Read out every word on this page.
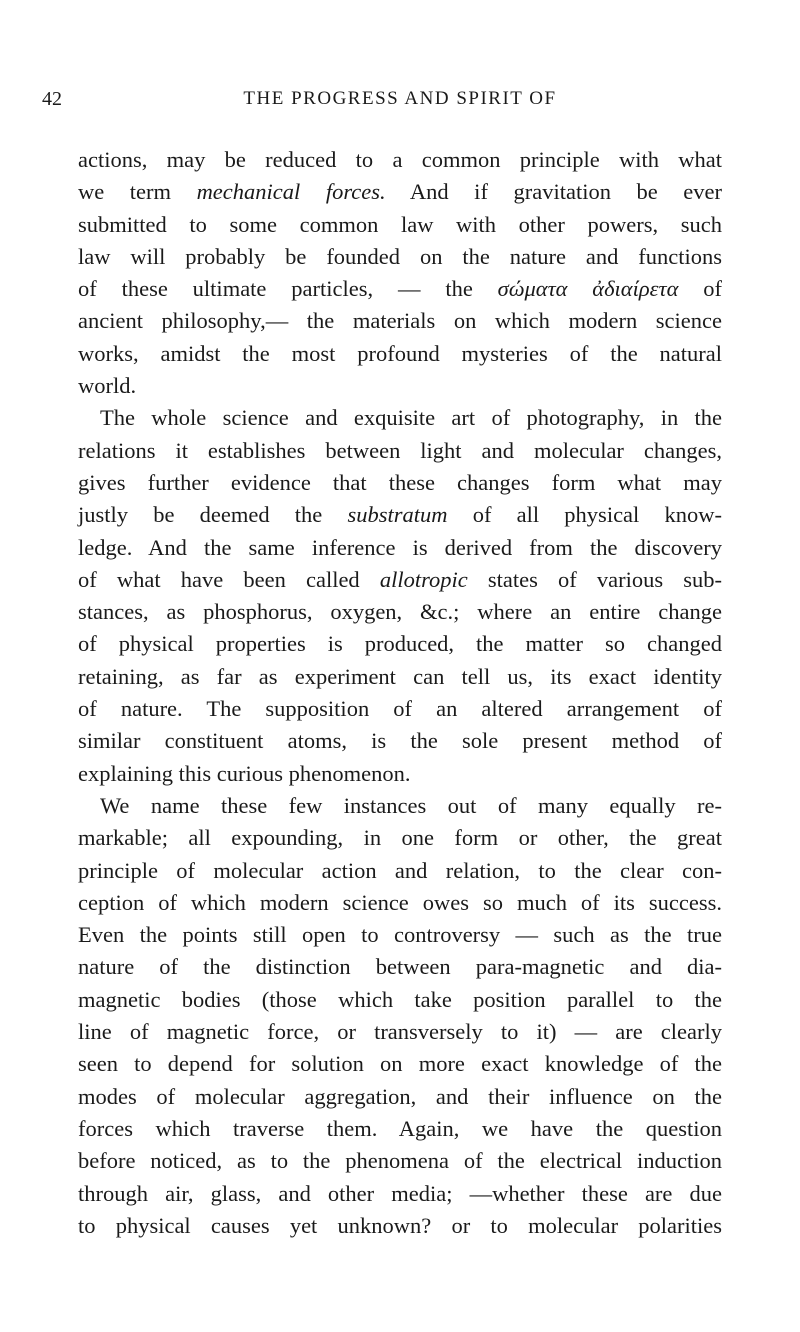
42	THE PROGRESS AND SPIRIT OF
actions, may be reduced to a common principle with what
we term mechanical forces. And if gravitation be ever
submitted to some common law with other powers, such
law will probably be founded on the nature and functions
of these ultimate particles, — the σώματα ἀδιαίρετα of
ancient philosophy,— the materials on which modern science
works, amidst the most profound mysteries of the natural
world.
The whole science and exquisite art of photography, in the
relations it establishes between light and molecular changes,
gives further evidence that these changes form what may
justly be deemed the substratum of all physical know-
ledge. And the same inference is derived from the discovery
of what have been called allotropic states of various sub-
stances, as phosphorus, oxygen, &c.; where an entire change
of physical properties is produced, the matter so changed
retaining, as far as experiment can tell us, its exact identity
of nature. The supposition of an altered arrangement of
similar constituent atoms, is the sole present method of
explaining this curious phenomenon.
We name these few instances out of many equally re-
markable; all expounding, in one form or other, the great
principle of molecular action and relation, to the clear con-
ception of which modern science owes so much of its success.
Even the points still open to controversy — such as the true
nature of the distinction between para-magnetic and dia-
magnetic bodies (those which take position parallel to the
line of magnetic force, or transversely to it) — are clearly
seen to depend for solution on more exact knowledge of the
modes of molecular aggregation, and their influence on the
forces which traverse them. Again, we have the question
before noticed, as to the phenomena of the electrical induction
through air, glass, and other media; —whether these are due
to physical causes yet unknown? or to molecular polarities
